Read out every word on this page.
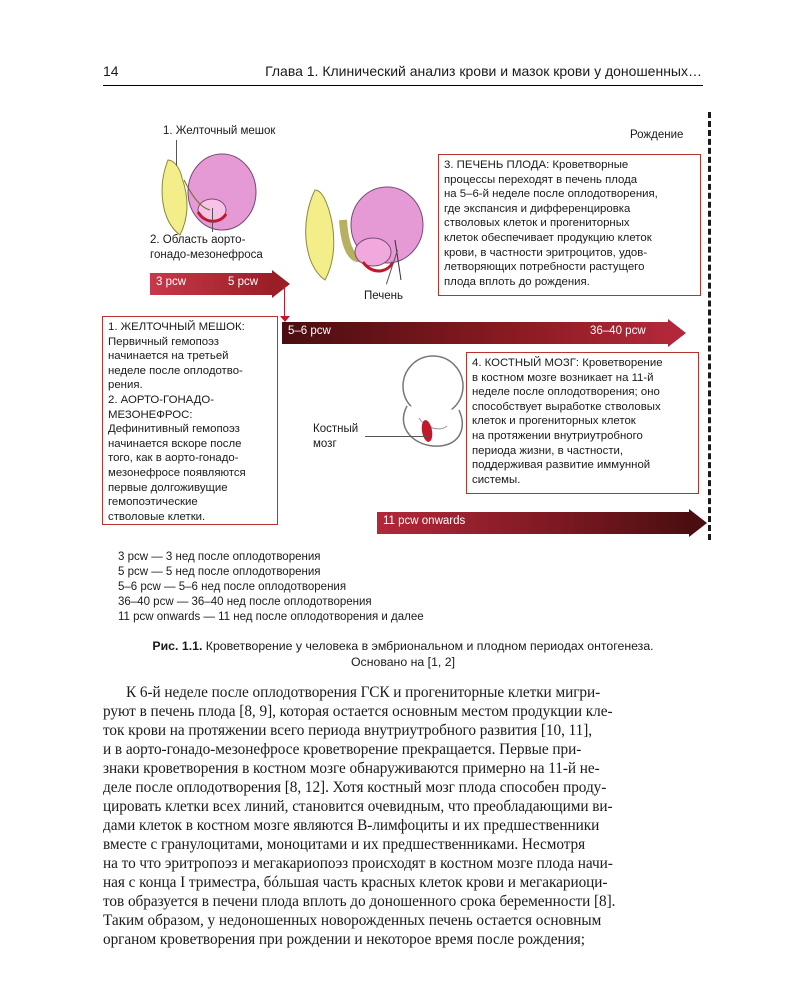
14	Глава 1. Клинический анализ крови и мазок крови у доношенных…
1. Желточный мешок
2. Область аорто-
гонадо-мезонефроса
Печень
Костный
мозг
Рождение
3 pcw	5 pcw
5–6 pcw	36–40 pcw
11 pcw onwards

3. ПЕЧЕНЬ ПЛОДА: Кроветворные

процессы переходят в печень плода

на 5–6-й неделе после оплодотворения,

где экспансия и дифференцировка

стволовых клеток и прогениторных

клеток обеспечивает продукцию клеток

крови, в частности эритроцитов, удов-

летворяющих потребности растущего

плода вплоть до рождения.

1. ЖЕЛТОЧНЫЙ МЕШОК:

Первичный гемопоэз

начинается на третьей

неделе после оплодотво-

рения.

2. АОРТО-ГОНАДО-

МЕЗОНЕФРОС:

Дефинитивный гемопоэз

начинается вскоре после

того, как в аорто-гонадо-

мезонефросе появляются

первые долгоживущие

гемопоэтические

стволовые клетки.

4. КОСТНЫЙ МОЗГ: Кроветворение

в костном мозге возникает на 11-й

неделе после оплодотворения; оно

способствует выработке стволовых

клеток и прогениторных клеток

на протяжении внутриутробного

периода жизни, в частности,

поддерживая развитие иммунной

системы.

3 pcw — 3 нед после оплодотворения
5 pcw — 5 нед после оплодотворения
5–6 pcw — 5–6 нед после оплодотворения
36–40 pcw — 36–40 нед после оплодотворения
11 pcw onwards — 11 нед после оплодотворения и далее
Рис. 1.1. Кроветворение у человека в эмбриональном и плодном периодах онтогенеза.
Основано на [1, 2]
К 6-й неделе после оплодотворения ГСК и прогениторные клетки мигри-
руют в печень плода [8, 9], которая остается основным местом продукции кле-
ток крови на протяжении всего периода внутриутробного развития [10, 11],
и в аорто-гонадо-мезонефросе кроветворение прекращается. Первые при-
знаки кроветворения в костном мозге обнаруживаются примерно на 11-й не-
деле после оплодотворения [8, 12]. Хотя костный мозг плода способен проду-
цировать клетки всех линий, становится очевидным, что преобладающими ви-
дами клеток в костном мозге являются В-лимфоциты и их предшественники
вместе с гранулоцитами, моноцитами и их предшественниками. Несмотря
на то что эритропоэз и мегакариопоэз происходят в костном мозге плода начи-
ная с конца I триместра, бóльшая часть красных клеток крови и мегакариоци-
тов образуется в печени плода вплоть до доношенного срока беременности [8].
Таким образом, у недоношенных новорожденных печень остается основным
органом кроветворения при рождении и некоторое время после рождения;
